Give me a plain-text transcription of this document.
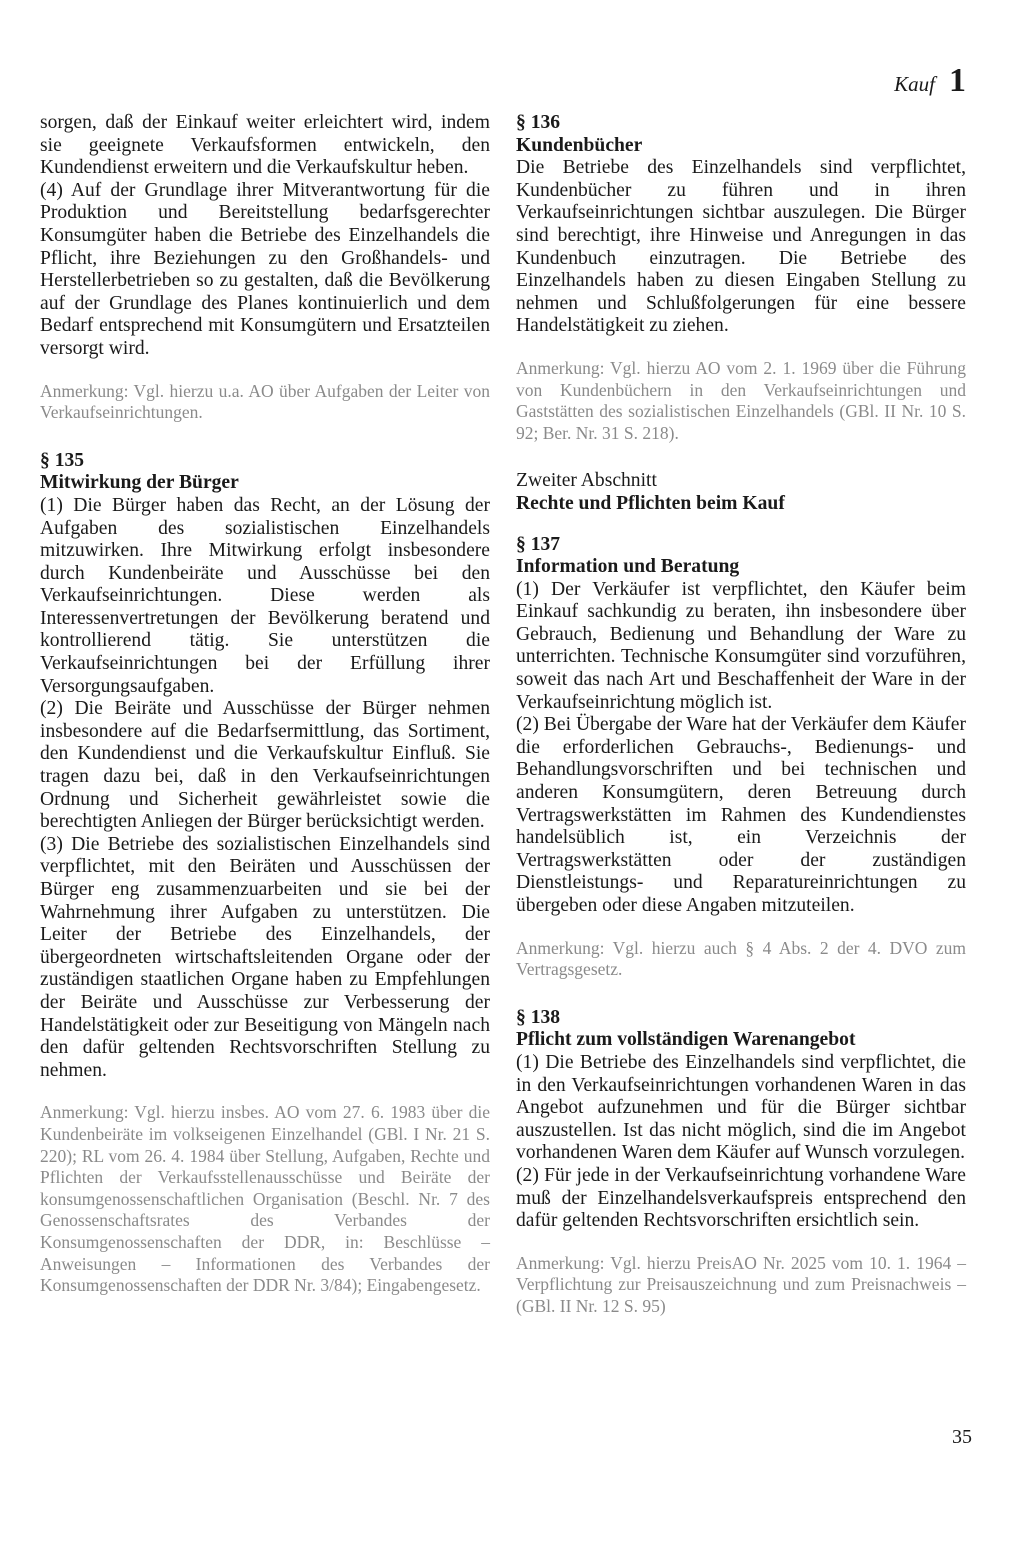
Kauf 1

sorgen, daß der Einkauf weiter erleichtert wird, indem sie geeignete Verkaufsformen entwickeln, den Kundendienst erweitern und die Verkaufskultur heben.

(4) Auf der Grundlage ihrer Mitverantwortung für die Produktion und Bereitstellung bedarfsgerechter Konsumgüter haben die Betriebe des Einzelhandels die Pflicht, ihre Beziehungen zu den Großhandels- und Herstellerbetrieben so zu gestalten, daß die Bevölkerung auf der Grundlage des Planes kontinuierlich und dem Bedarf entsprechend mit Konsumgütern und Ersatzteilen versorgt wird.

Anmerkung: Vgl. hierzu u.a. AO über Aufgaben der Leiter von Verkaufseinrichtungen.

§ 135

Mitwirkung der Bürger

(1) Die Bürger haben das Recht, an der Lösung der Aufgaben des sozialistischen Einzelhandels mitzuwirken. Ihre Mitwirkung erfolgt insbesondere durch Kundenbeiräte und Ausschüsse bei den Verkaufseinrichtungen. Diese werden als Interessenvertretungen der Bevölkerung beratend und kontrollierend tätig. Sie unterstützen die Verkaufseinrichtungen bei der Erfüllung ihrer Versorgungsaufgaben.

(2) Die Beiräte und Ausschüsse der Bürger nehmen insbesondere auf die Bedarfsermittlung, das Sortiment, den Kundendienst und die Verkaufskultur Einfluß. Sie tragen dazu bei, daß in den Verkaufseinrichtungen Ordnung und Sicherheit gewährleistet sowie die berechtigten Anliegen der Bürger berücksichtigt werden.

(3) Die Betriebe des sozialistischen Einzelhandels sind verpflichtet, mit den Beiräten und Ausschüssen der Bürger eng zusammenzuarbeiten und sie bei der Wahrnehmung ihrer Aufgaben zu unterstützen. Die Leiter der Betriebe des Einzelhandels, der übergeordneten wirtschaftsleitenden Organe oder der zuständigen staatlichen Organe haben zu Empfehlungen der Beiräte und Ausschüsse zur Verbesserung der Handelstätigkeit oder zur Beseitigung von Mängeln nach den dafür geltenden Rechtsvorschriften Stellung zu nehmen.

Anmerkung: Vgl. hierzu insbes. AO vom 27. 6. 1983 über die Kundenbeiräte im volkseigenen Einzelhandel (GBl. I Nr. 21 S. 220); RL vom 26. 4. 1984 über Stellung, Aufgaben, Rechte und Pflichten der Verkaufsstellenausschüsse und Beiräte der konsumgenossenschaftlichen Organisation (Beschl. Nr. 7 des Genossenschaftsrates des Verbandes der Konsumgenossenschaften der DDR, in: Beschlüsse – Anweisungen – Informationen des Verbandes der Konsumgenossenschaften der DDR Nr. 3/84); Eingabengesetz.

§ 136

Kundenbücher

Die Betriebe des Einzelhandels sind verpflichtet, Kundenbücher zu führen und in ihren Verkaufseinrichtungen sichtbar auszulegen. Die Bürger sind berechtigt, ihre Hinweise und Anregungen in das Kundenbuch einzutragen. Die Betriebe des Einzelhandels haben zu diesen Eingaben Stellung zu nehmen und Schlußfolgerungen für eine bessere Handelstätigkeit zu ziehen.

Anmerkung: Vgl. hierzu AO vom 2. 1. 1969 über die Führung von Kundenbüchern in den Verkaufseinrichtungen und Gaststätten des sozialistischen Einzelhandels (GBl. II Nr. 10 S. 92; Ber. Nr. 31 S. 218).

Zweiter Abschnitt

Rechte und Pflichten beim Kauf

§ 137

Information und Beratung

(1) Der Verkäufer ist verpflichtet, den Käufer beim Einkauf sachkundig zu beraten, ihn insbesondere über Gebrauch, Bedienung und Behandlung der Ware zu unterrichten. Technische Konsumgüter sind vorzuführen, soweit das nach Art und Beschaffenheit der Ware in der Verkaufseinrichtung möglich ist.

(2) Bei Übergabe der Ware hat der Verkäufer dem Käufer die erforderlichen Gebrauchs-, Bedienungs- und Behandlungsvorschriften und bei technischen und anderen Konsumgütern, deren Betreuung durch Vertragswerkstätten im Rahmen des Kundendienstes handelsüblich ist, ein Verzeichnis der Vertragswerkstätten oder der zuständigen Dienstleistungs- und Reparatureinrichtungen zu übergeben oder diese Angaben mitzuteilen.

Anmerkung: Vgl. hierzu auch § 4 Abs. 2 der 4. DVO zum Vertragsgesetz.

§ 138

Pflicht zum vollständigen Warenangebot

(1) Die Betriebe des Einzelhandels sind verpflichtet, die in den Verkaufseinrichtungen vorhandenen Waren in das Angebot aufzunehmen und für die Bürger sichtbar auszustellen. Ist das nicht möglich, sind die im Angebot vorhandenen Waren dem Käufer auf Wunsch vorzulegen.

(2) Für jede in der Verkaufseinrichtung vorhandene Ware muß der Einzelhandelsverkaufspreis entsprechend den dafür geltenden Rechtsvorschriften ersichtlich sein.

Anmerkung: Vgl. hierzu PreisAO Nr. 2025 vom 10. 1. 1964 – Verpflichtung zur Preisauszeichnung und zum Preisnachweis – (GBl. II Nr. 12 S. 95)

35
